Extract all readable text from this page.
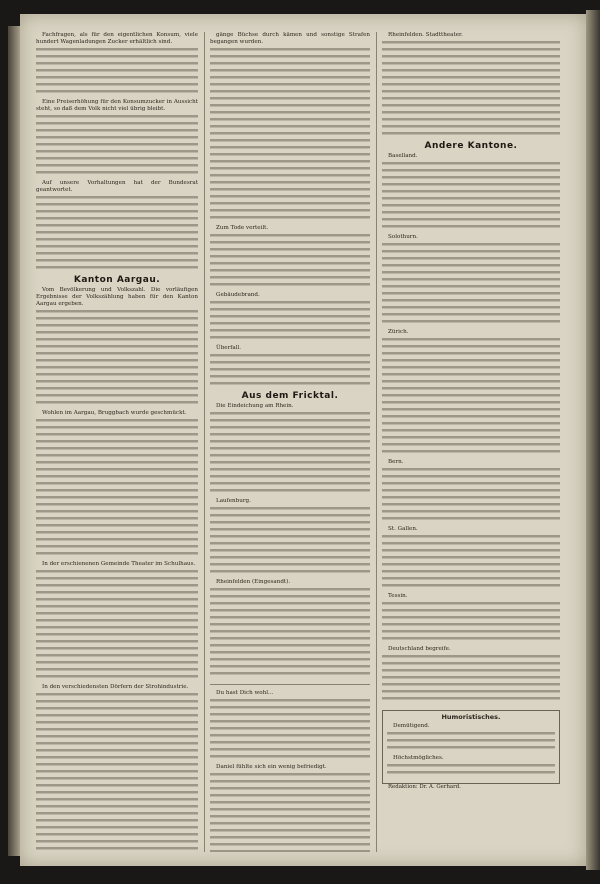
Fachfragen, als für den eigentlichen Konsum, viele hundert Wagenladungen Zucker erhältlich sind.

Eine Preiserhöhung für den Konsumzucker in Aussicht steht, so daß dem Volk nicht viel übrig bleibt.

Auf unsere Vorhaltungen hat der Bundesrat geantwortet.

Kanton Aargau.

Vom Bevölkerung und Volkszahl. Die vorläufigen Ergebnisse der Volkszählung haben für den Kanton Aargau ergeben.

Wohlen im Aargau, Bruggbach wurde geschmückt.

In der erschienenen Gemeinde Theater im Schulhaus.

In den verschiedensten Dörfern der Strohindustrie.

gänge Büchse durch kämen und sonstige Strafen begangen wurden.

Zum Tode verteilt.

Gebäudebrand.

Überfall.

Aus dem Fricktal.

Die Eindeichung am Rhein.

Laufenburg.

Rheinfelden (Eingesandt).

Du hast Dich wohl...

Daniel fühlte sich ein wenig befriedigt.

Rheinfelden. Stadttheater.

Andere Kantone.

Baselland.

Solothurn.

Zürich.

Bern.

St. Gallen.

Tessin.

Deutschland begreife.

Humoristisches.

Demütigend.

Höchstmögliches.

Redaktion: Dr. A. Gerhard.
